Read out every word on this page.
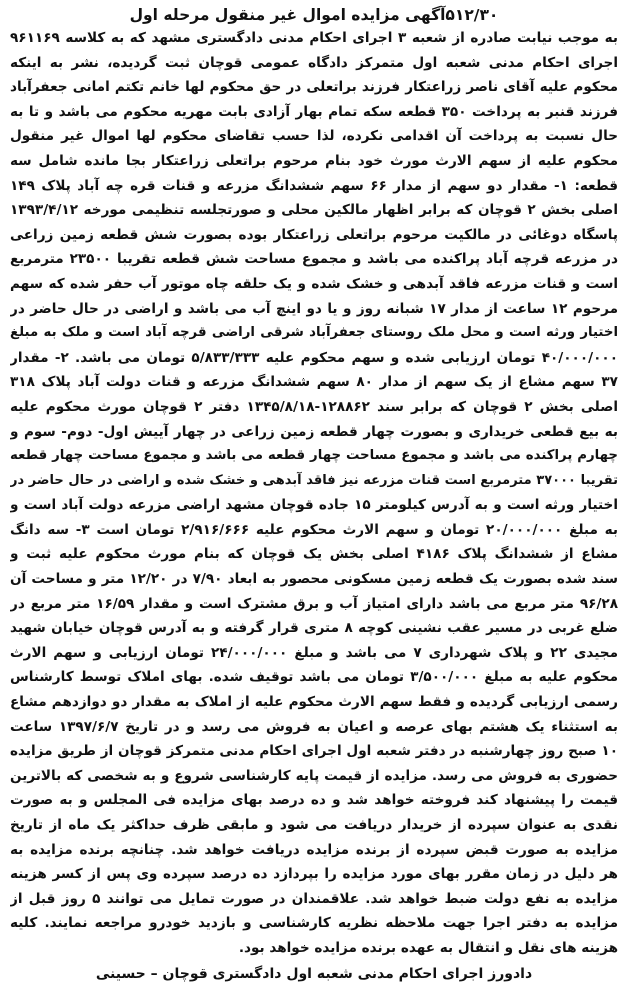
۵۱۲/۳۰آگهی مزایده اموال غیر منقول مرحله اول
به موجب نیابت صادره از شعبه ۳ اجرای احکام مدنی دادگستری مشهد که به کلاسه ۹۶۱۱۶۹
اجرای احکام مدنی شعبه اول متمرکز دادگاه عمومی قوچان ثبت گردیده، نشر به اینکه
محکوم علیه آقای ناصر زراعتکار فرزند براتعلی در حق محکوم لها خانم تکتم امانی جعفرآباد
فرزند قنبر به پرداخت ۳۵۰ قطعه سکه تمام بهار آزادی بابت مهریه محکوم می باشد و تا به
حال نسبت به پرداخت آن اقدامی نکرده، لذا حسب تقاضای محکوم لها اموال غیر منقول
محکوم علیه از سهم الارث مورث خود بنام مرحوم براتعلی زراعتکار بجا مانده شامل سه
قطعه: ۱- مقدار دو سهم از مدار ۶۶ سهم ششدانگ مزرعه و قنات قره چه آباد پلاک ۱۴۹
اصلی بخش ۲ قوچان که برابر اظهار مالکین محلی و صورتجلسه تنظیمی مورخه ۱۳۹۳/۴/۱۲
پاسگاه دوغائی در مالکیت مرحوم براتعلی زراعتکار بوده بصورت شش قطعه زمین زراعی
در مزرعه قرچه آباد پراکنده می باشد و مجموع مساحت شش قطعه تقریبا ۲۳۵۰۰ مترمربع
است و قنات مزرعه فاقد آبدهی و خشک شده و یک حلقه چاه موتور آب حفر شده که سهم
مرحوم ۱۲ ساعت از مدار ۱۷ شبانه روز و یا دو اینچ آب می باشد و اراضی در حال حاضر در
اختیار ورثه است و محل ملک روستای جعفرآباد شرقی اراضی قرچه آباد است و ملک به مبلغ
۴۰/۰۰۰/۰۰۰ تومان ارزیابی شده و سهم محکوم علیه ۵/۸۳۳/۳۳۳ تومان می باشد. ۲- مقدار
۳۷ سهم مشاع از یک سهم از مدار ۸۰ سهم ششدانگ مزرعه و قنات دولت آباد پلاک ۳۱۸
اصلی بخش ۲ قوچان که برابر سند ۱۲۸۸۶۲-۱۳۴۵/۸/۱۸ دفتر ۲ قوچان مورث محکوم علیه
به بیع قطعی خریداری و بصورت چهار قطعه زمین زراعی در چهار آییش اول- دوم- سوم و
چهارم پراکنده می باشد و مجموع مساحت چهار قطعه می باشد و مجموع مساحت چهار قطعه
تقریبا ۳۷۰۰۰ مترمربع است قنات مزرعه نیز فاقد آبدهی و خشک شده و اراضی در حال حاضر در
اختیار ورثه است و به آدرس کیلومتر ۱۵ جاده قوچان مشهد اراضی مزرعه دولت آباد است و
به مبلغ ۲۰/۰۰۰/۰۰۰ تومان و سهم الارث محکوم علیه ۲/۹۱۶/۶۶۶ تومان است ۳- سه دانگ
مشاع از ششدانگ پلاک ۴۱۸۶ اصلی بخش یک قوچان که بنام مورث محکوم علیه ثبت و
سند شده بصورت یک قطعه زمین مسکونی محصور به ابعاد ۷/۹۰ در ۱۲/۲۰ متر و مساحت آن
۹۶/۲۸ متر مربع می باشد دارای امتیاز آب و برق مشترک است و مقدار ۱۶/۵۹ متر مربع در
ضلع غربی در مسیر عقب نشینی کوچه ۸ متری قرار گرفته و به آدرس قوچان خیابان شهید
مجیدی ۲۲ و پلاک شهرداری ۷ می باشد و مبلغ ۲۴/۰۰۰/۰۰۰ تومان ارزیابی و سهم الارث
محکوم علیه به مبلغ ۳/۵۰۰/۰۰۰ تومان می باشد توقیف شده. بهای املاک توسط کارشناس
رسمی ارزیابی گردیده و فقط سهم الارث محکوم علیه از املاک به مقدار دو دوازدهم مشاع
به استثناء یک هشتم بهای عرصه و اعیان به فروش می رسد و در تاریخ ۱۳۹۷/۶/۷ ساعت
۱۰ صبح روز چهارشنبه در دفتر شعبه اول اجرای احکام مدنی متمرکز قوچان از طریق مزایده
حضوری به فروش می رسد. مزایده از قیمت پایه کارشناسی شروع و به شخصی که بالاترین
قیمت را پیشنهاد کند فروخته خواهد شد و ده درصد بهای مزایده فی المجلس و به صورت
نقدی به عنوان سپرده از خریدار دریافت می شود و مابقی ظرف حداکثر یک ماه از تاریخ
مزایده به صورت قبض سپرده از برنده مزایده دریافت خواهد شد. چنانچه برنده مزایده به
هر دلیل در زمان مقرر بهای مورد مزایده را بپردازد ده درصد سپرده وی پس از کسر هزینه
مزایده به نفع دولت ضبط خواهد شد. علاقمندان در صورت تمایل می توانند ۵ روز قبل از
مزایده به دفتر اجرا جهت ملاحظه نظریه کارشناسی و بازدید خودرو مراجعه نمایند. کلیه
هزینه های نقل و انتقال به عهده برنده مزایده خواهد بود.
دادورز اجرای احکام مدنی شعبه اول دادگستری قوچان – حسینی
